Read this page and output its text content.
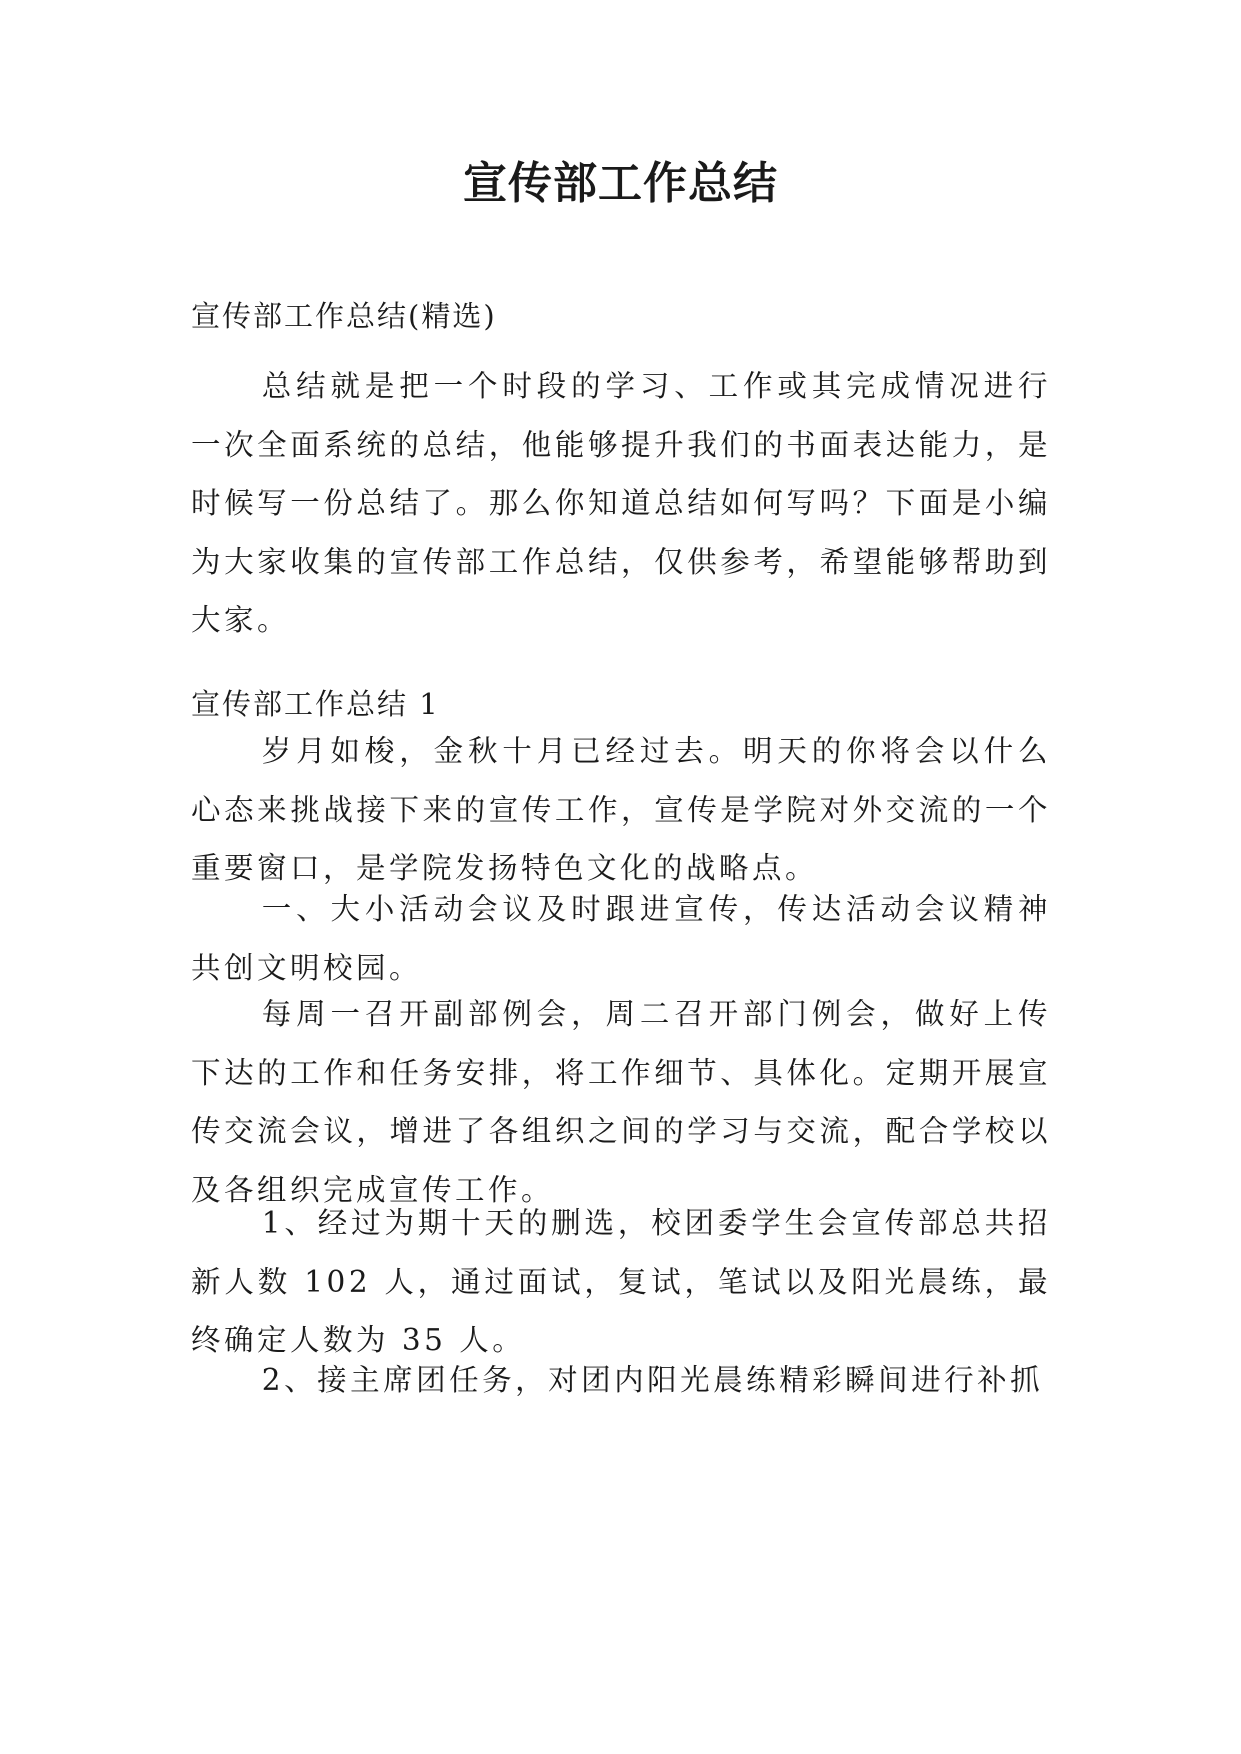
宣传部工作总结

宣传部工作总结(精选)

总结就是把一个时段的学习、工作或其完成情况进行一次全面系统的总结，他能够提升我们的书面表达能力，是时候写一份总结了。那么你知道总结如何写吗？下面是小编为大家收集的宣传部工作总结，仅供参考，希望能够帮助到大家。

宣传部工作总结 1

岁月如梭，金秋十月已经过去。明天的你将会以什么心态来挑战接下来的宣传工作，宣传是学院对外交流的一个重要窗口，是学院发扬特色文化的战略点。

一、大小活动会议及时跟进宣传，传达活动会议精神共创文明校园。

每周一召开副部例会，周二召开部门例会，做好上传下达的工作和任务安排，将工作细节、具体化。定期开展宣传交流会议，增进了各组织之间的学习与交流，配合学校以及各组织完成宣传工作。

1、经过为期十天的删选，校团委学生会宣传部总共招新人数 102 人，通过面试，复试，笔试以及阳光晨练，最终确定人数为 35 人。

2、接主席团任务，对团内阳光晨练精彩瞬间进行补抓
